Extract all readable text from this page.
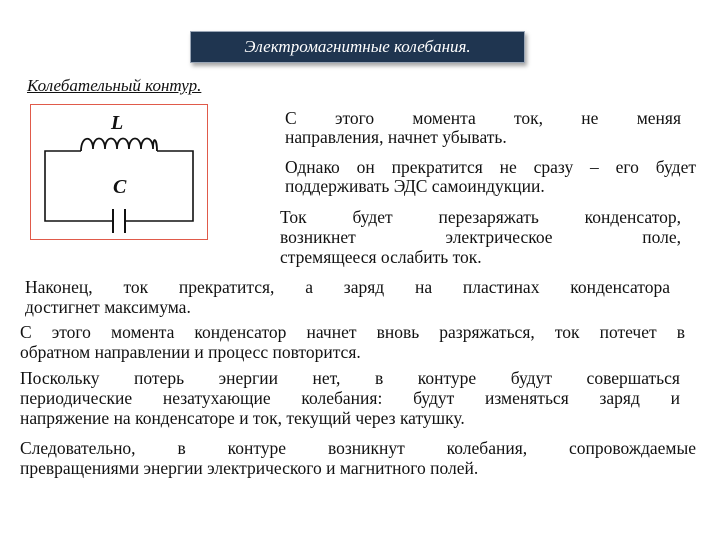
Электромагнитные колебания.
Колебательный контур.
L
C
С этого момента ток, не меняя
направления, начнет убывать.
Однако он прекратится не сразу – его будет
поддерживать ЭДС самоиндукции.
Ток будет перезаряжать конденсатор,
возникнет электрическое поле,
стремящееся ослабить ток.
Наконец, ток прекратится, а заряд на пластинах конденсатора
достигнет максимума.
С этого момента конденсатор начнет вновь разряжаться, ток потечет в
обратном направлении и процесс повторится.
Поскольку потерь энергии нет, в контуре будут совершаться
периодические незатухающие колебания: будут изменяться заряд и
напряжение на конденсаторе и ток, текущий через катушку.
Следовательно, в контуре возникнут колебания, сопровождаемые
превращениями энергии электрического и магнитного полей.
